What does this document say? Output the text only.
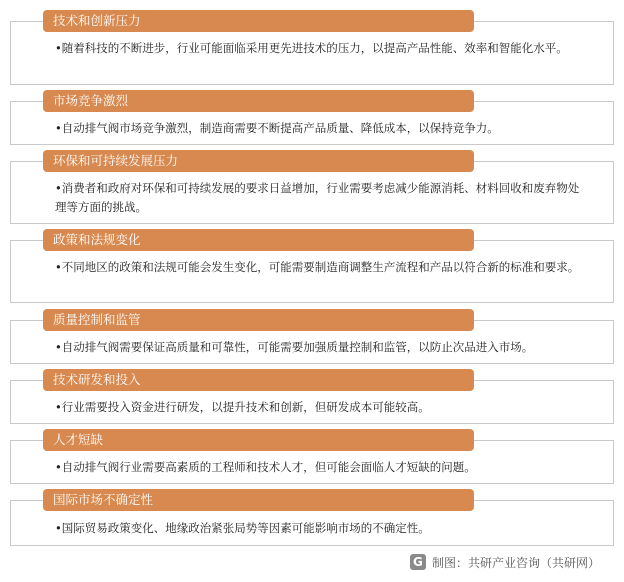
技术和创新压力
•随着科技的不断进步，行业可能面临采用更先进技术的压力，以提高产品性能、效率和智能化水平。
市场竞争激烈
•自动排气阀市场竞争激烈，制造商需要不断提高产品质量、降低成本，以保持竞争力。
环保和可持续发展压力
•消费者和政府对环保和可持续发展的要求日益增加，行业需要考虑减少能源消耗、材料回收和废弃物处理等方面的挑战。
政策和法规变化
•不同地区的政策和法规可能会发生变化，可能需要制造商调整生产流程和产品以符合新的标准和要求。
质量控制和监管
•自动排气阀需要保证高质量和可靠性，可能需要加强质量控制和监管，以防止次品进入市场。
技术研发和投入
•行业需要投入资金进行研发，以提升技术和创新，但研发成本可能较高。
人才短缺
•自动排气阀行业需要高素质的工程师和技术人才，但可能会面临人才短缺的问题。
国际市场不确定性
•国际贸易政策变化、地缘政治紧张局势等因素可能影响市场的不确定性。
G 制图：共研产业咨询（共研网）
